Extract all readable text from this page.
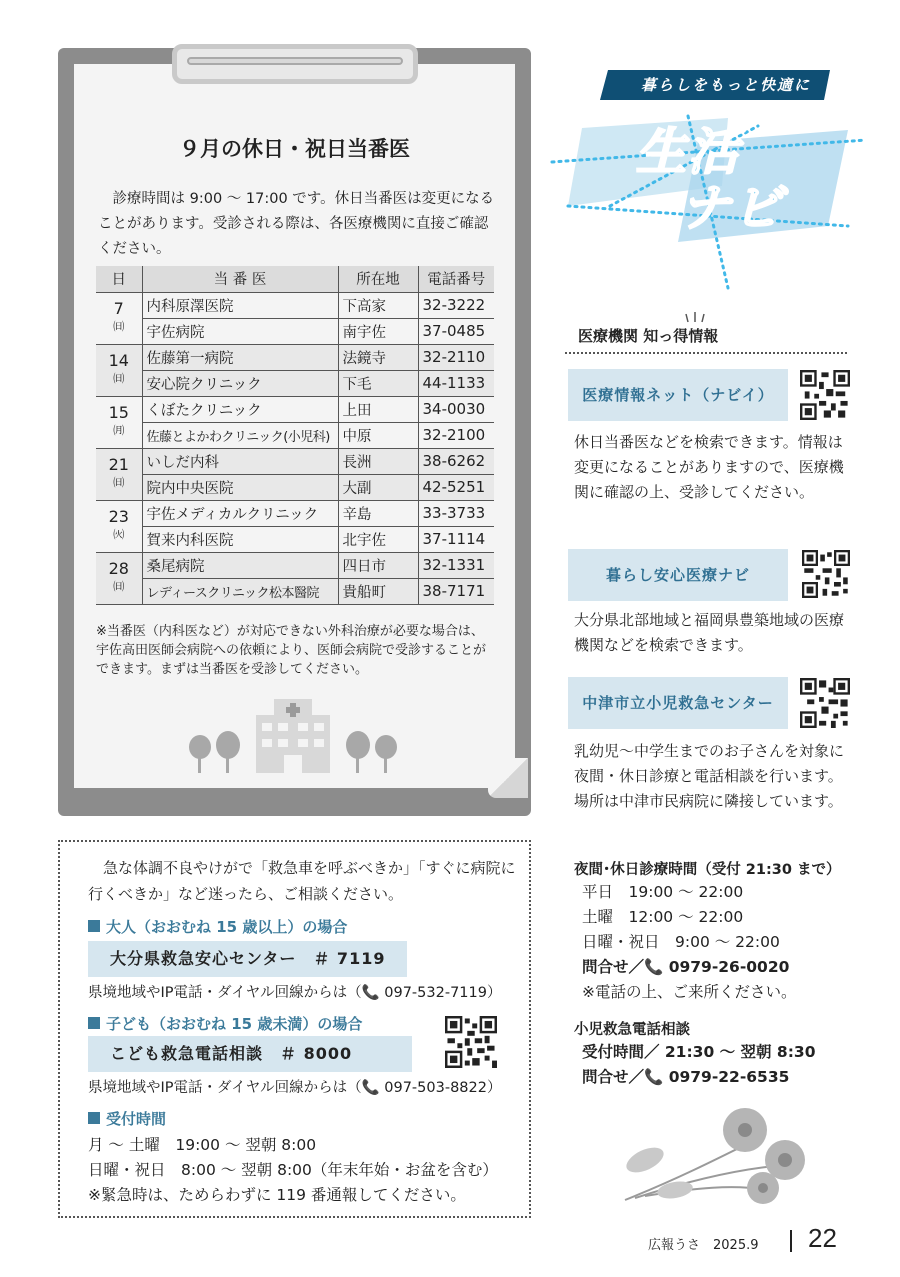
９月の休日・祝日当番医
診療時間は 9:00 ～ 17:00 です。休日当番医は変更になることがあります。受診される際は、各医療機関に直接ご確認ください。
日	当 番 医	所在地	電話番号

7
㈰	内科原澤医院	下高家	32-3222
	宇佐病院	南宇佐	37-0485

14
㈰	佐藤第一病院	法鏡寺	32-2110
	安心院クリニック	下毛	44-1133

15
㈪	くぼたクリニック	上田	34-0030
	佐藤とよかわクリニック(小児科)	中原	32-2100

21
㈰	いしだ内科	長洲	38-6262
	院内中央医院	大副	42-5251

23
㈫	宇佐メディカルクリニック	辛島	33-3733
	賀来内科医院	北宇佐	37-1114

28
㈰	桑尾病院	四日市	32-1331
	レディースクリニック松本醫院	貴船町	38-7171
※当番医（内科医など）が対応できない外科治療が必要な場合は、宇佐高田医師会病院への依頼により、医師会病院で受診することができます。まずは当番医を受診してください。
急な体調不良やけがで「救急車を呼ぶべきか」「すぐに病院に行くべきか」など迷ったら、ご相談ください。
大人（おおむね 15 歳以上）の場合
大分県救急安心センター　＃ 7119
県境地域やIP電話・ダイヤル回線からは（📞 097-532-7119）
子ども（おおむね 15 歳未満）の場合
こども救急電話相談　＃ 8000
県境地域やIP電話・ダイヤル回線からは（📞 097-503-8822）
受付時間
月 ～ 土曜　19:00 ～ 翌朝 8:00
日曜・祝日　8:00 ～ 翌朝 8:00（年末年始・お盆を含む）
※緊急時は、ためらわずに 119 番通報してください。
暮らしをもっと快適に
生活
ナビ
医療機関 知っ得情報
医療情報ネット（ナビイ）
休日当番医などを検索できます。情報は変更になることがありますので、医療機関に確認の上、受診してください。
暮らし安心医療ナビ
大分県北部地域と福岡県豊築地域の医療機関などを検索できます。
中津市立小児救急センター
乳幼児～中学生までのお子さんを対象に夜間・休日診療と電話相談を行います。場所は中津市民病院に隣接しています。
夜間･休日診療時間（受付 21:30 まで）
平日　19:00 ～ 22:00
土曜　12:00 ～ 22:00
日曜・祝日　9:00 ～ 22:00
問合せ／📞 0979-26-0020
※電話の上、ご来所ください。
小児救急電話相談
受付時間／ 21:30 ～ 翌朝 8:30
問合せ／📞 0979-22-6535
広報うさ　2025.9 22
